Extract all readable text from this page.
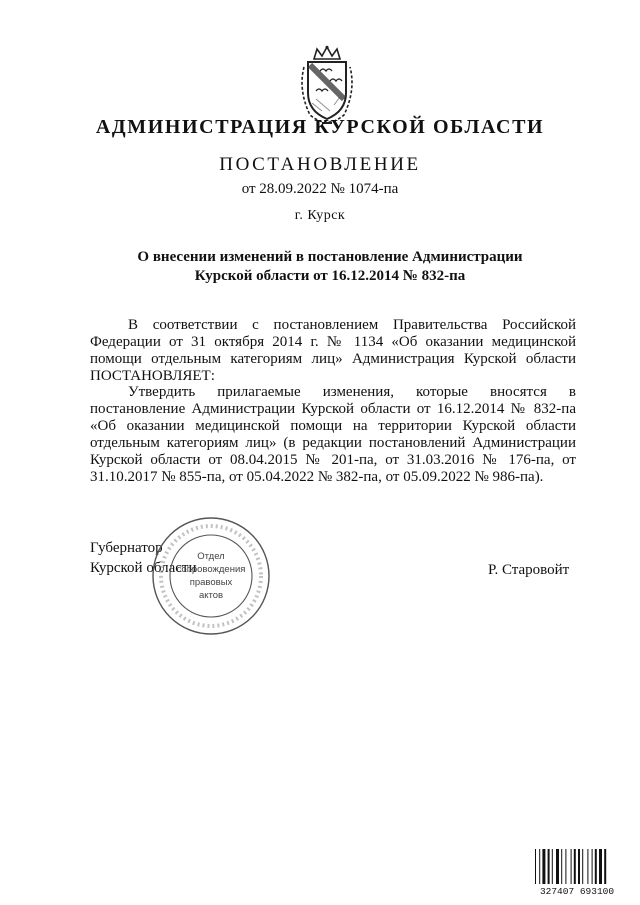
АДМИНИСТРАЦИЯ КУРСКОЙ ОБЛАСТИ
ПОСТАНОВЛЕНИЕ
от 28.09.2022 № 1074-па
г. Курск
О внесении изменений в постановление Администрации
Курской области от 16.12.2014 № 832-па
В соответствии с постановлением Правительства Российской Федерации от 31 октября 2014 г. № 1134 «Об оказании медицинской помощи отдельным категориям лиц» Администрация Курской области ПОСТАНОВЛЯЕТ:
Утвердить прилагаемые изменения, которые вносятся в постановление Администрации Курской области от 16.12.2014 № 832-па «Об оказании медицинской помощи на территории Курской области отдельным категориям лиц» (в редакции постановлений Администрации Курской области от 08.04.2015 № 201-па, от 31.03.2016 № 176-па, от 31.10.2017 № 855-па, от 05.04.2022 № 382-па, от 05.09.2022 № 986-па).
Губернатор
Курской области	Р. Старовойт
Отдел
сопровождения
правовых
актов
327407 693100
